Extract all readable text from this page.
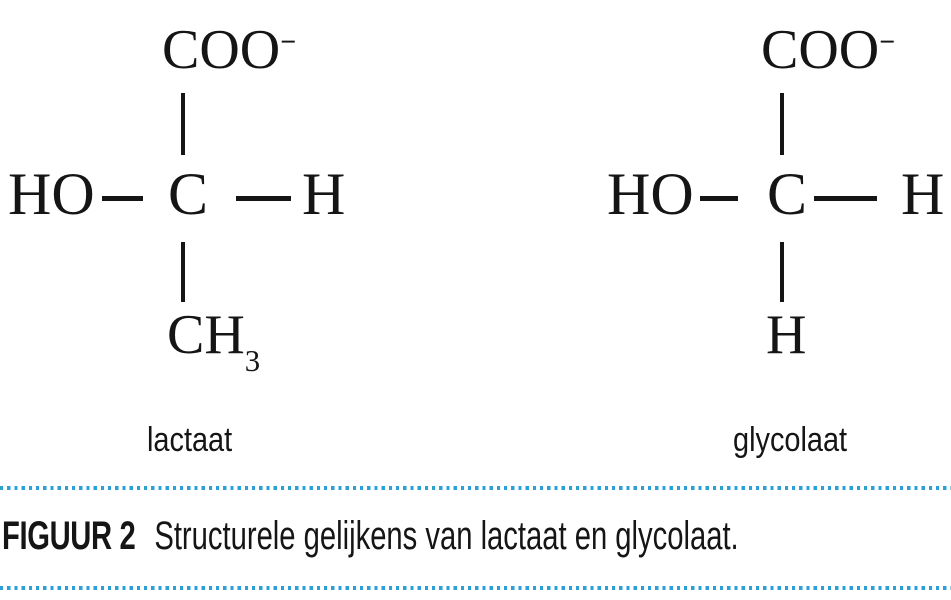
COO−
HO C H
$CH_3$
lactaat
COO−
HO C H
H
glycolaat
FIGUUR 2 Structurele gelijkens van lactaat en glycolaat.
